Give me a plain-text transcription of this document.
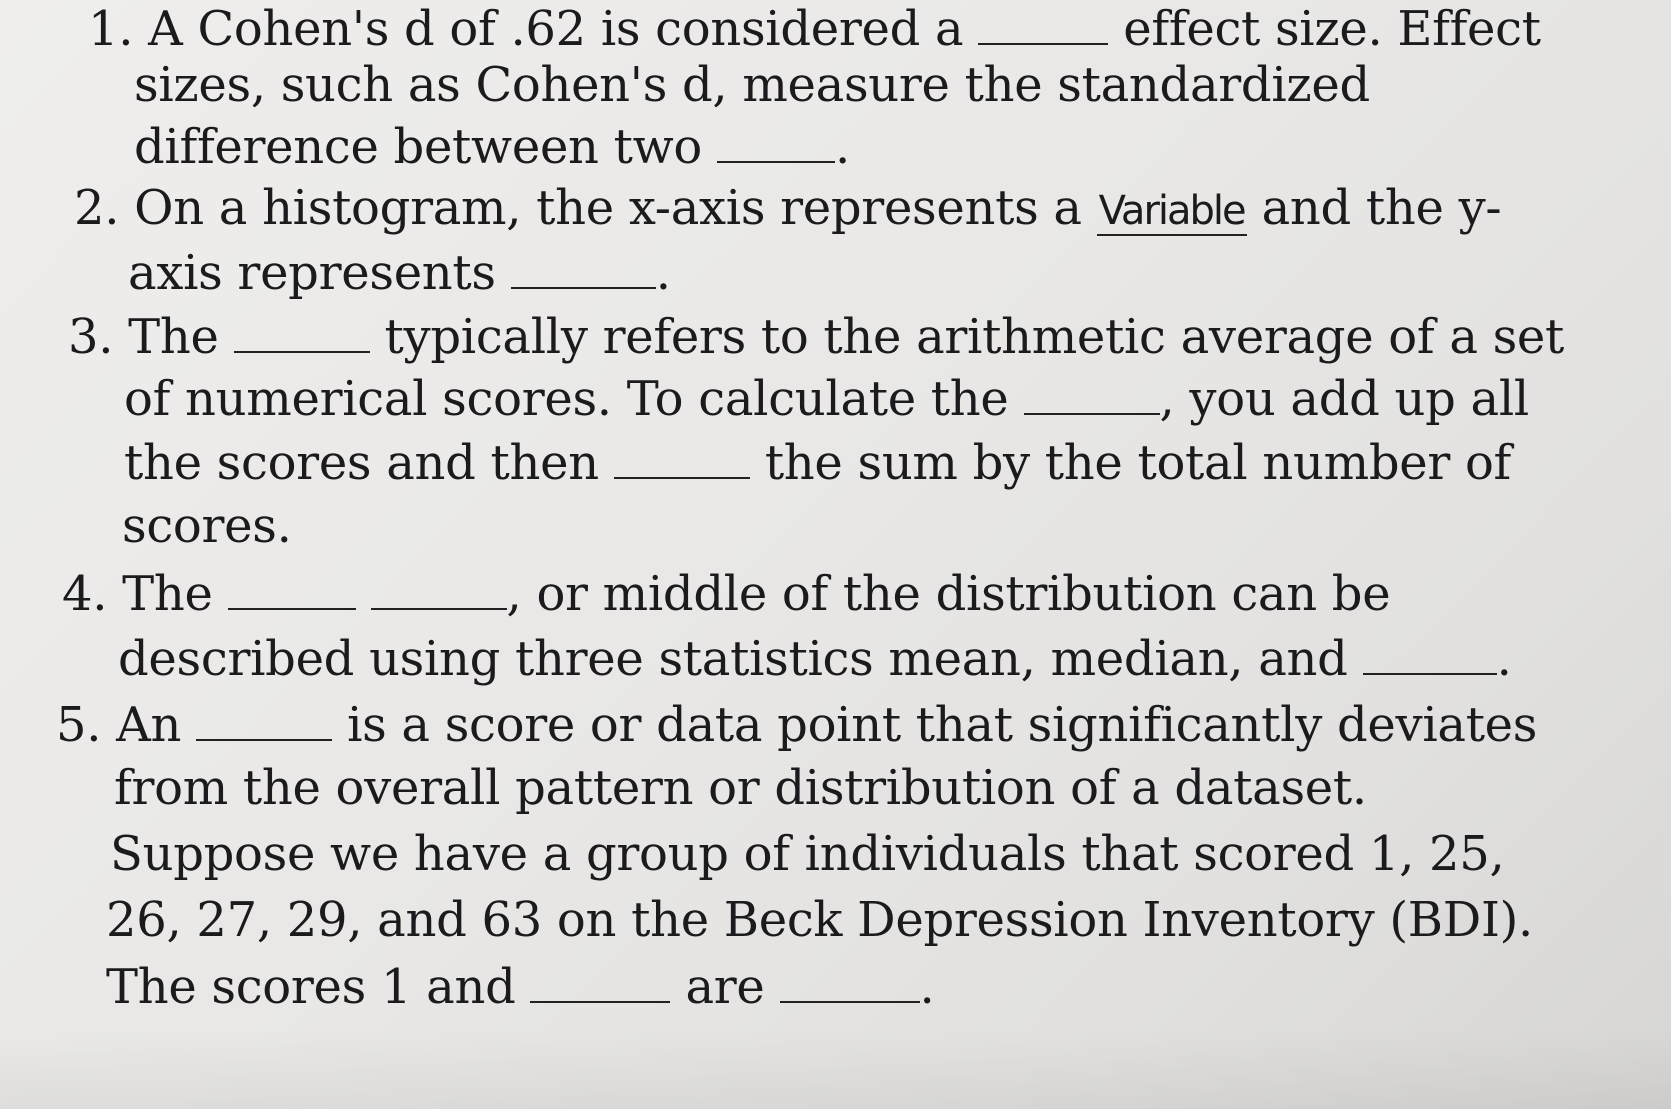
1. A Cohen's d of .62 is considered a	effect size. Effect
sizes, such as Cohen's d, measure the standardized
difference between two	.
2. On a histogram, the x-axis represents a Variable and the y-
axis represents	.
3. The	typically refers to the arithmetic average of a set
of numerical scores. To calculate the	, you add up all
the scores and then	the sum by the total number of
scores.
4. The	, or middle of the distribution can be
described using three statistics mean, median, and	.
5. An	is a score or data point that significantly deviates
from the overall pattern or distribution of a dataset.
Suppose we have a group of individuals that scored 1, 25,
26, 27, 29, and 63 on the Beck Depression Inventory (BDI).
The scores 1 and	are	.
